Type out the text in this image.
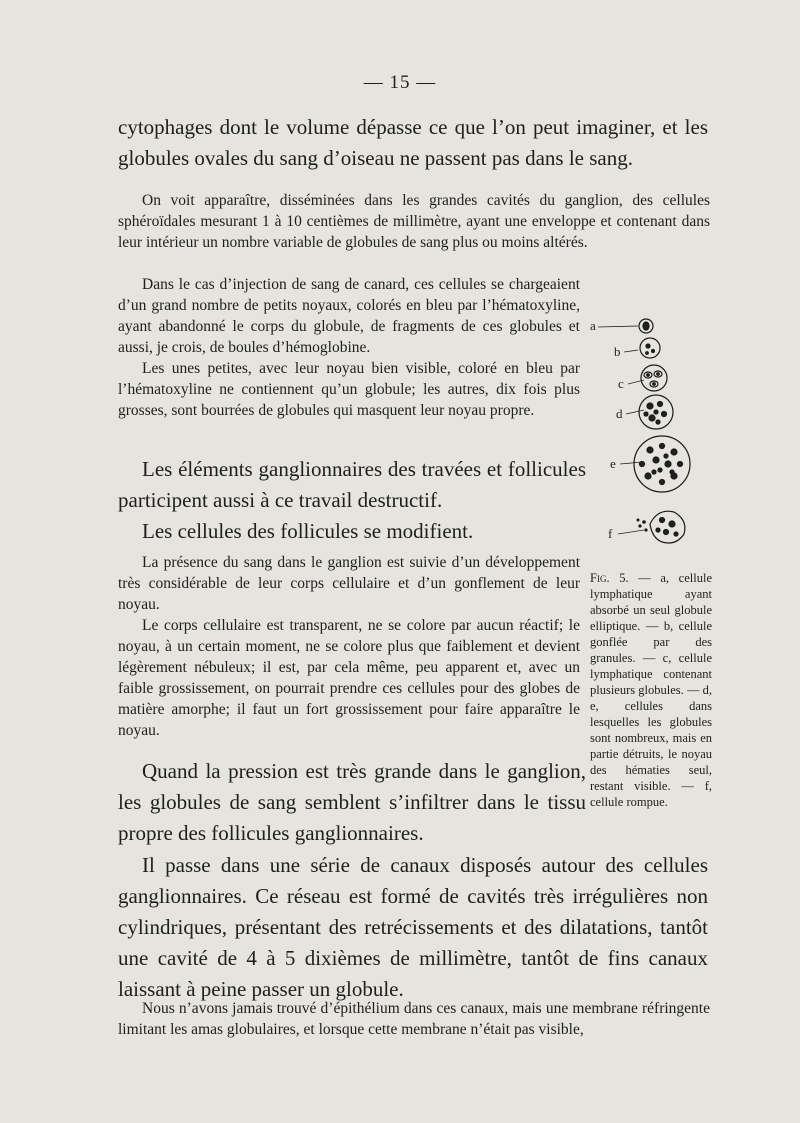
— 15 —

cytophages dont le volume dépasse ce que l’on peut imaginer, et les globules ovales du sang d’oiseau ne passent pas dans le sang.

On voit apparaître, disséminées dans les grandes cavités du ganglion, des cellules sphéroïdales mesurant 1 à 10 centièmes de millimètre, ayant une enveloppe et contenant dans leur intérieur un nombre variable de globules de sang plus ou moins altérés.

Dans le cas d’injection de sang de canard, ces cellules se chargeaient d’un grand nombre de petits noyaux, colorés en bleu par l’hématoxyline, ayant abandonné le corps du globule, de fragments de ces globules et aussi, je crois, de boules d’hémoglobine.

Les unes petites, avec leur noyau bien visible, coloré en bleu par l’hématoxyline ne contiennent qu’un globule; les autres, dix fois plus grosses, sont bourrées de globules qui masquent leur noyau propre.

Les éléments ganglionnaires des travées et follicules participent aussi à ce travail destructif.

Les cellules des follicules se modifient.

La présence du sang dans le ganglion est suivie d’un développement très considérable de leur corps cellulaire et d’un gonflement de leur noyau.

Le corps cellulaire est transparent, ne se colore par aucun réactif; le noyau, à un certain moment, ne se colore plus que faiblement et devient légèrement nébuleux; il est, par cela même, peu apparent et, avec un faible grossissement, on pourrait prendre ces cellules pour des globes de matière amorphe; il faut un fort grossissement pour faire apparaître le noyau.

Quand la pression est très grande dans le ganglion, les globules de sang semblent s’infiltrer dans le tissu propre des follicules ganglionnaires.

Il passe dans une série de canaux disposés autour des cellules ganglionnaires. Ce réseau est formé de cavités très irrégulières non cylindriques, présentant des retrécissements et des dilatations, tantôt une cavité de 4 à 5 dixièmes de millimètre, tantôt de fins canaux laissant à peine passer un globule.

Nous n’avons jamais trouvé d’épithélium dans ces canaux, mais une membrane réfringente limitant les amas globulaires, et lorsque cette membrane n’était pas visible,

a
b
c
d
e
f
Fig. 5. — a, cellule lymphatique ayant absorbé un seul globule elliptique. — b, cellule gonflée par des granules. — c, cellule lymphatique contenant plusieurs globules. — d, e, cellules dans lesquelles les globules sont nombreux, mais en partie détruits, le noyau des hématies seul, restant visible. — f, cellule rompue.
